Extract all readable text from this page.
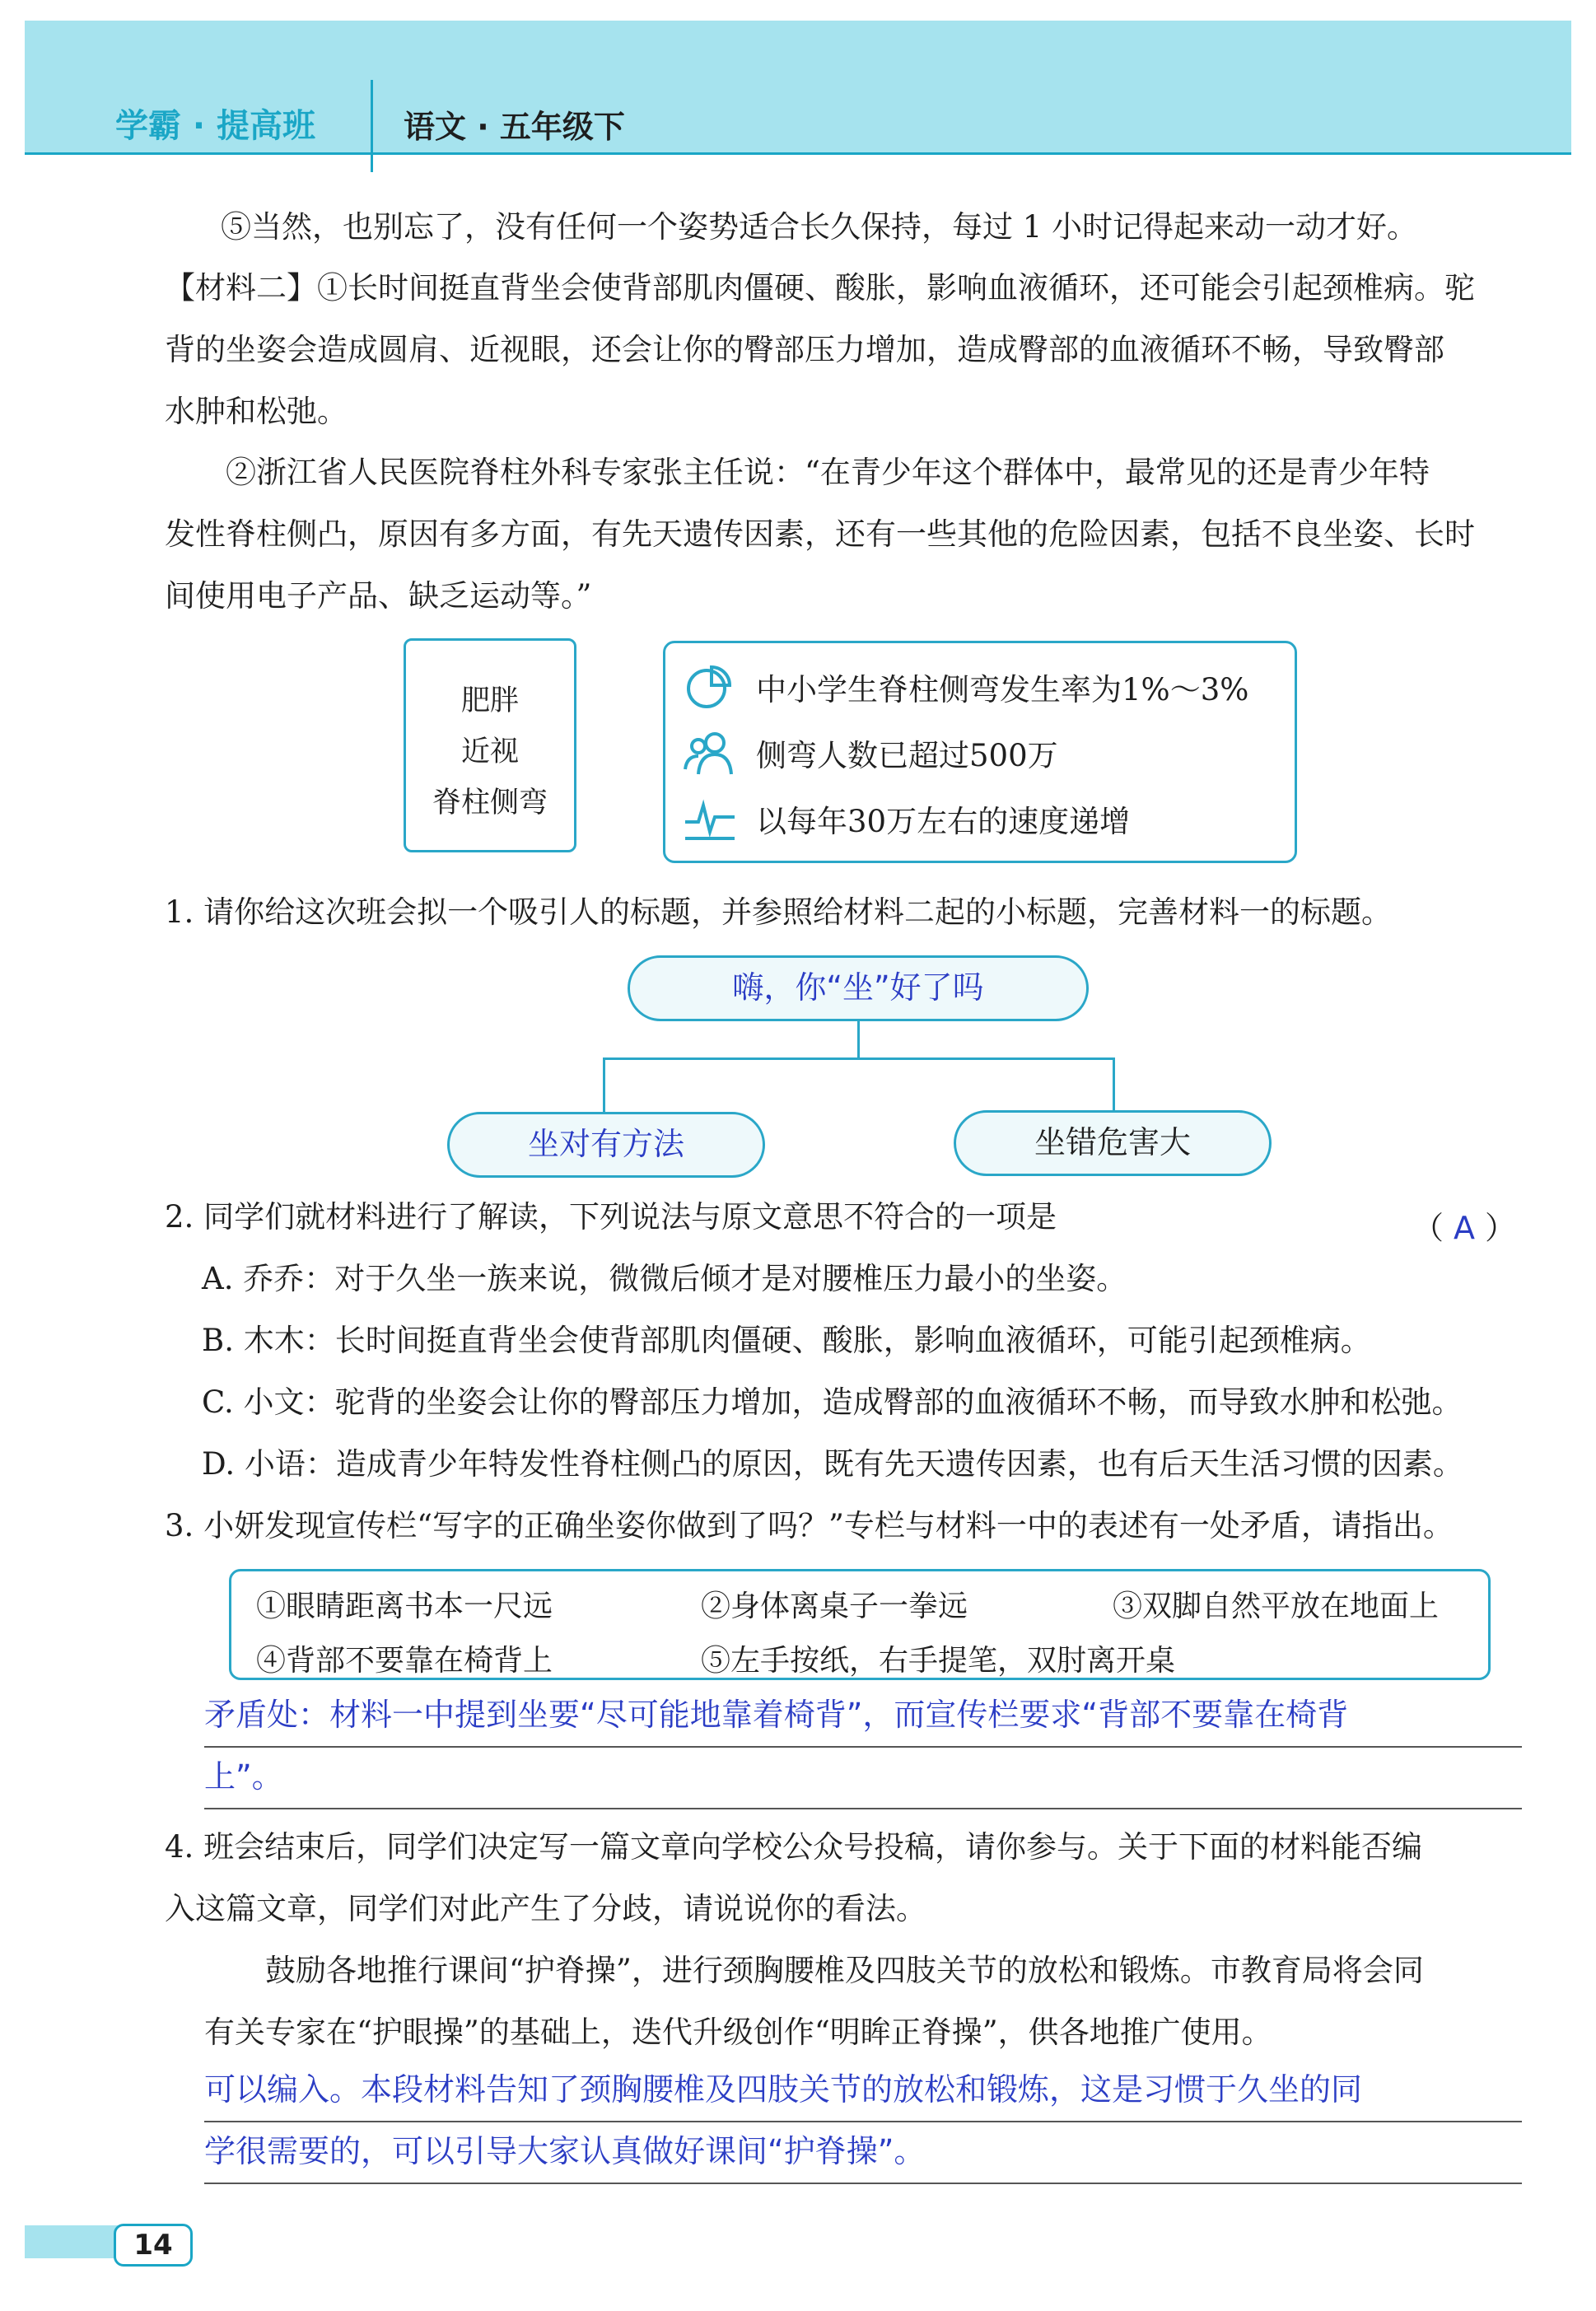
学霸 · 提高班	语文 · 五年级下
⑤当然，也别忘了，没有任何一个姿势适合长久保持，每过 1 小时记得起来动一动才好。
【材料二】①长时间挺直背坐会使背部肌肉僵硬、酸胀，影响血液循环，还可能会引起颈椎病。驼
背的坐姿会造成圆肩、近视眼，还会让你的臀部压力增加，造成臀部的血液循环不畅，导致臀部
水肿和松弛。
　　②浙江省人民医院脊柱外科专家张主任说：“在青少年这个群体中，最常见的还是青少年特
发性脊柱侧凸，原因有多方面，有先天遗传因素，还有一些其他的危险因素，包括不良坐姿、长时
间使用电子产品、缺乏运动等。”
肥胖
近视
脊柱侧弯
中小学生脊柱侧弯发生率为1%～3%
侧弯人数已超过500万
以每年30万左右的速度递增
1. 请你给这次班会拟一个吸引人的标题，并参照给材料二起的小标题，完善材料一的标题。
嗨，你“坐”好了吗
坐对有方法	坐错危害大
2. 同学们就材料进行了解读，下列说法与原文意思不符合的一项是	（ A ）
A. 乔乔：对于久坐一族来说，微微后倾才是对腰椎压力最小的坐姿。
B. 木木：长时间挺直背坐会使背部肌肉僵硬、酸胀，影响血液循环，可能引起颈椎病。
C. 小文：驼背的坐姿会让你的臀部压力增加，造成臀部的血液循环不畅，而导致水肿和松弛。
D. 小语：造成青少年特发性脊柱侧凸的原因，既有先天遗传因素，也有后天生活习惯的因素。
3. 小妍发现宣传栏“写字的正确坐姿你做到了吗？”专栏与材料一中的表述有一处矛盾，请指出。
①眼睛距离书本一尺远	②身体离桌子一拳远	③双脚自然平放在地面上
④背部不要靠在椅背上	⑤左手按纸，右手提笔，双肘离开桌
矛盾处：材料一中提到坐要“尽可能地靠着椅背”，而宣传栏要求“背部不要靠在椅背
上”。
4. 班会结束后，同学们决定写一篇文章向学校公众号投稿，请你参与。关于下面的材料能否编
入这篇文章，同学们对此产生了分歧，请说说你的看法。
　　鼓励各地推行课间“护脊操”，进行颈胸腰椎及四肢关节的放松和锻炼。市教育局将会同
有关专家在“护眼操”的基础上，迭代升级创作“明眸正脊操”，供各地推广使用。
可以编入。本段材料告知了颈胸腰椎及四肢关节的放松和锻炼，这是习惯于久坐的同
学很需要的，可以引导大家认真做好课间“护脊操”。
14
